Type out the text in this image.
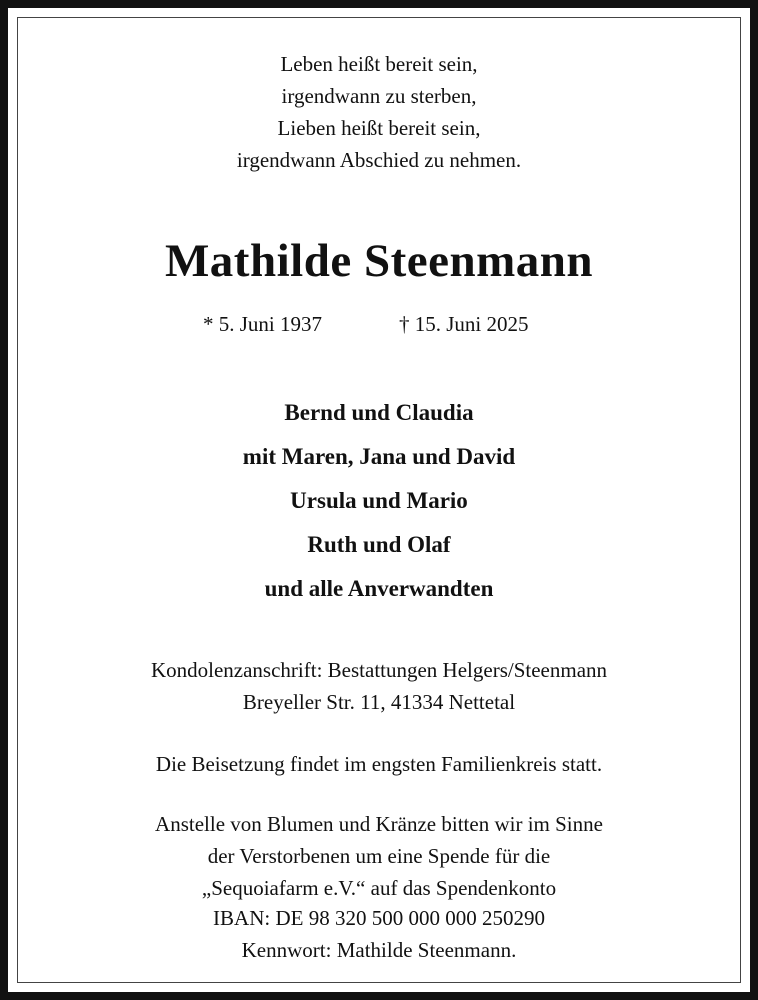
Leben heißt bereit sein,
irgendwann zu sterben,
Lieben heißt bereit sein,
irgendwann Abschied zu nehmen.
Mathilde Steenmann
* 5. Juni 1937	† 15. Juni 2025
Bernd und Claudia
mit Maren, Jana und David
Ursula und Mario
Ruth und Olaf
und alle Anverwandten
Kondolenzanschrift: Bestattungen Helgers/Steenmann
Breyeller Str. 11, 41334 Nettetal
Die Beisetzung findet im engsten Familienkreis statt.
Anstelle von Blumen und Kränze bitten wir im Sinne
der Verstorbenen um eine Spende für die
„Sequoiafarm e.V.“ auf das Spendenkonto
IBAN: DE 98 320 500 000 000 250290
Kennwort: Mathilde Steenmann.
